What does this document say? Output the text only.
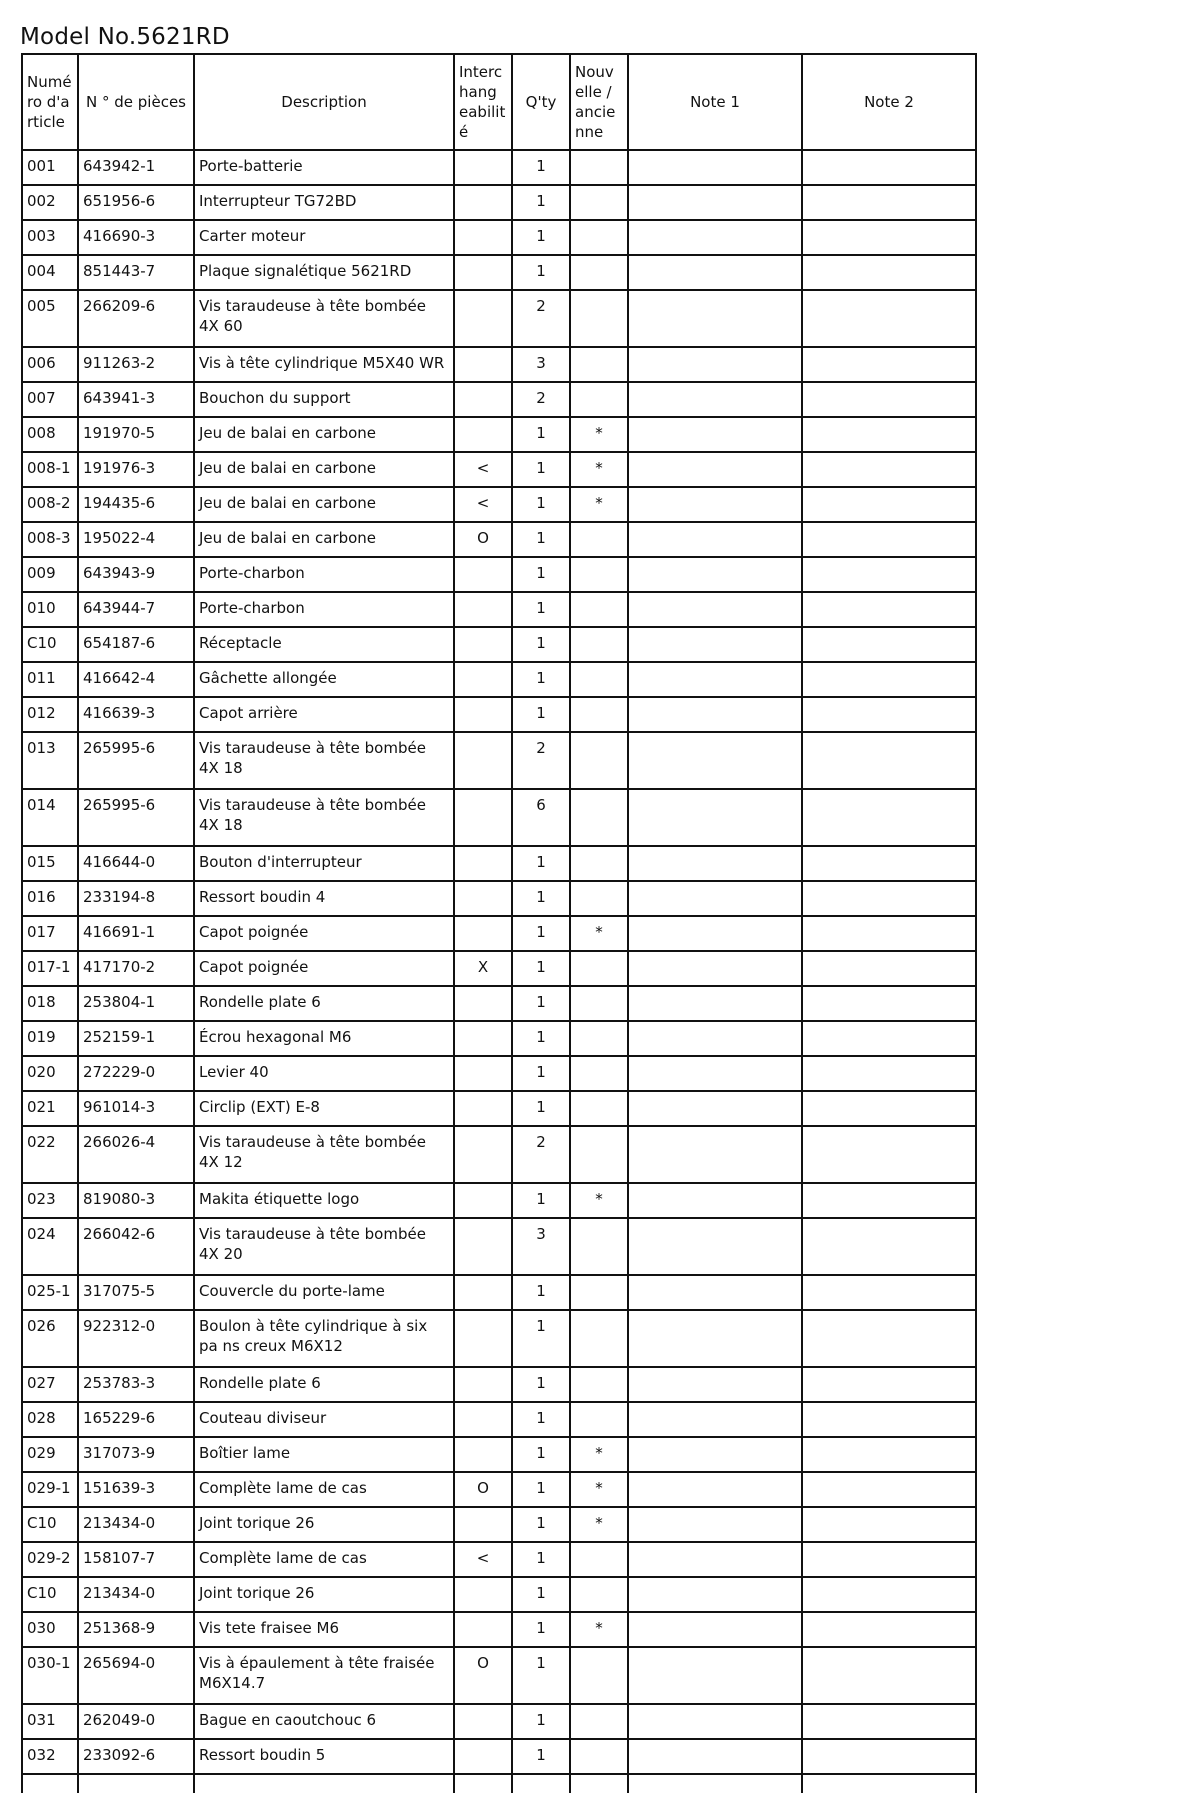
Model No.5621RD
Numé ro d'a rticle	N ° de pièces	Description	Interc hang eabilit é	Q'ty	Nouv elle / ancie nne	Note 1	Note 2
001	643942-1	Porte-batterie		1			
002	651956-6	Interrupteur TG72BD		1			
003	416690-3	Carter moteur		1			
004	851443-7	Plaque signalétique 5621RD		1			
005	266209-6	Vis taraudeuse à tête bombée 4X 60		2			
006	911263-2	Vis à tête cylindrique M5X40 WR		3			
007	643941-3	Bouchon du support		2			
008	191970-5	Jeu de balai en carbone		1	*		
008-1	191976-3	Jeu de balai en carbone	<	1	*		
008-2	194435-6	Jeu de balai en carbone	<	1	*		
008-3	195022-4	Jeu de balai en carbone	O	1			
009	643943-9	Porte-charbon		1			
010	643944-7	Porte-charbon		1			
C10	654187-6	Réceptacle		1			
011	416642-4	Gâchette allongée		1			
012	416639-3	Capot arrière		1			
013	265995-6	Vis taraudeuse à tête bombée 4X 18		2			
014	265995-6	Vis taraudeuse à tête bombée 4X 18		6			
015	416644-0	Bouton d'interrupteur		1			
016	233194-8	Ressort boudin 4		1			
017	416691-1	Capot poignée		1	*		
017-1	417170-2	Capot poignée	X	1			
018	253804-1	Rondelle plate 6		1			
019	252159-1	Écrou hexagonal M6		1			
020	272229-0	Levier 40		1			
021	961014-3	Circlip (EXT) E-8		1			
022	266026-4	Vis taraudeuse à tête bombée 4X 12		2			
023	819080-3	Makita étiquette logo		1	*		
024	266042-6	Vis taraudeuse à tête bombée 4X 20		3			
025-1	317075-5	Couvercle du porte-lame		1			
026	922312-0	Boulon à tête cylindrique à six pa ns creux M6X12		1			
027	253783-3	Rondelle plate 6		1			
028	165229-6	Couteau diviseur		1			
029	317073-9	Boîtier lame		1	*		
029-1	151639-3	Complète lame de cas	O	1	*		
C10	213434-0	Joint torique 26		1	*		
029-2	158107-7	Complète lame de cas	<	1			
C10	213434-0	Joint torique 26		1			
030	251368-9	Vis tete fraisee M6		1	*		
030-1	265694-0	Vis à épaulement à tête fraisée M6X14.7	O	1			
031	262049-0	Bague en caoutchouc 6		1			
032	233092-6	Ressort boudin 5		1			
